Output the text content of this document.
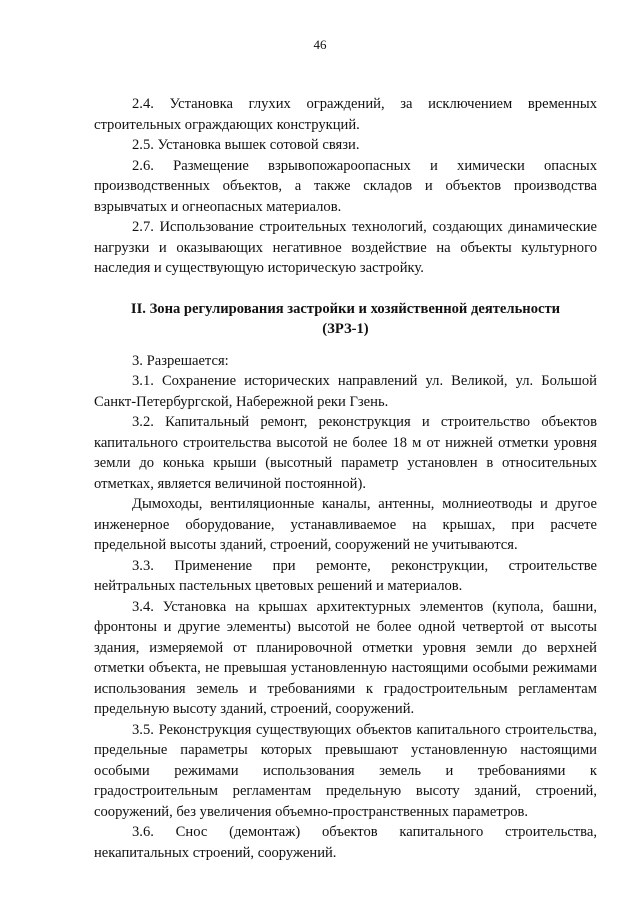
46

2.4. Установка глухих ограждений, за исключением временных строительных ограждающих конструкций.

2.5. Установка вышек сотовой связи.

2.6. Размещение взрывопожароопасных и химически опасных производственных объектов, а также складов и объектов производства взрывчатых и огнеопасных материалов.

2.7. Использование строительных технологий, создающих динамические нагрузки и оказывающих негативное воздействие на объекты культурного наследия и существующую историческую застройку.

II. Зона регулирования застройки и хозяйственной деятельности
(ЗРЗ-1)

3. Разрешается:

3.1. Сохранение исторических направлений ул. Великой, ул. Большой Санкт-Петербургской, Набережной реки Гзень.

3.2. Капитальный ремонт, реконструкция и строительство объектов капитального строительства высотой не более 18 м от нижней отметки уровня земли до конька крыши (высотный параметр установлен в относительных отметках, является величиной постоянной).

Дымоходы, вентиляционные каналы, антенны, молниеотводы и другое инженерное оборудование, устанавливаемое на крышах, при расчете предельной высоты зданий, строений, сооружений не учитываются.

3.3. Применение при ремонте, реконструкции, строительстве нейтральных пастельных цветовых решений и материалов.

3.4. Установка на крышах архитектурных элементов (купола, башни, фронтоны и другие элементы) высотой не более одной четвертой от высоты здания, измеряемой от планировочной отметки уровня земли до верхней отметки объекта, не превышая установленную настоящими особыми режимами использования земель и требованиями к градостроительным регламентам предельную высоту зданий, строений, сооружений.

3.5. Реконструкция существующих объектов капитального строительства, предельные параметры которых превышают установленную настоящими особыми режимами использования земель и требованиями к градостроительным регламентам предельную высоту зданий, строений, сооружений, без увеличения объемно-пространственных параметров.

3.6. Снос (демонтаж) объектов капитального строительства, некапитальных строений, сооружений.
